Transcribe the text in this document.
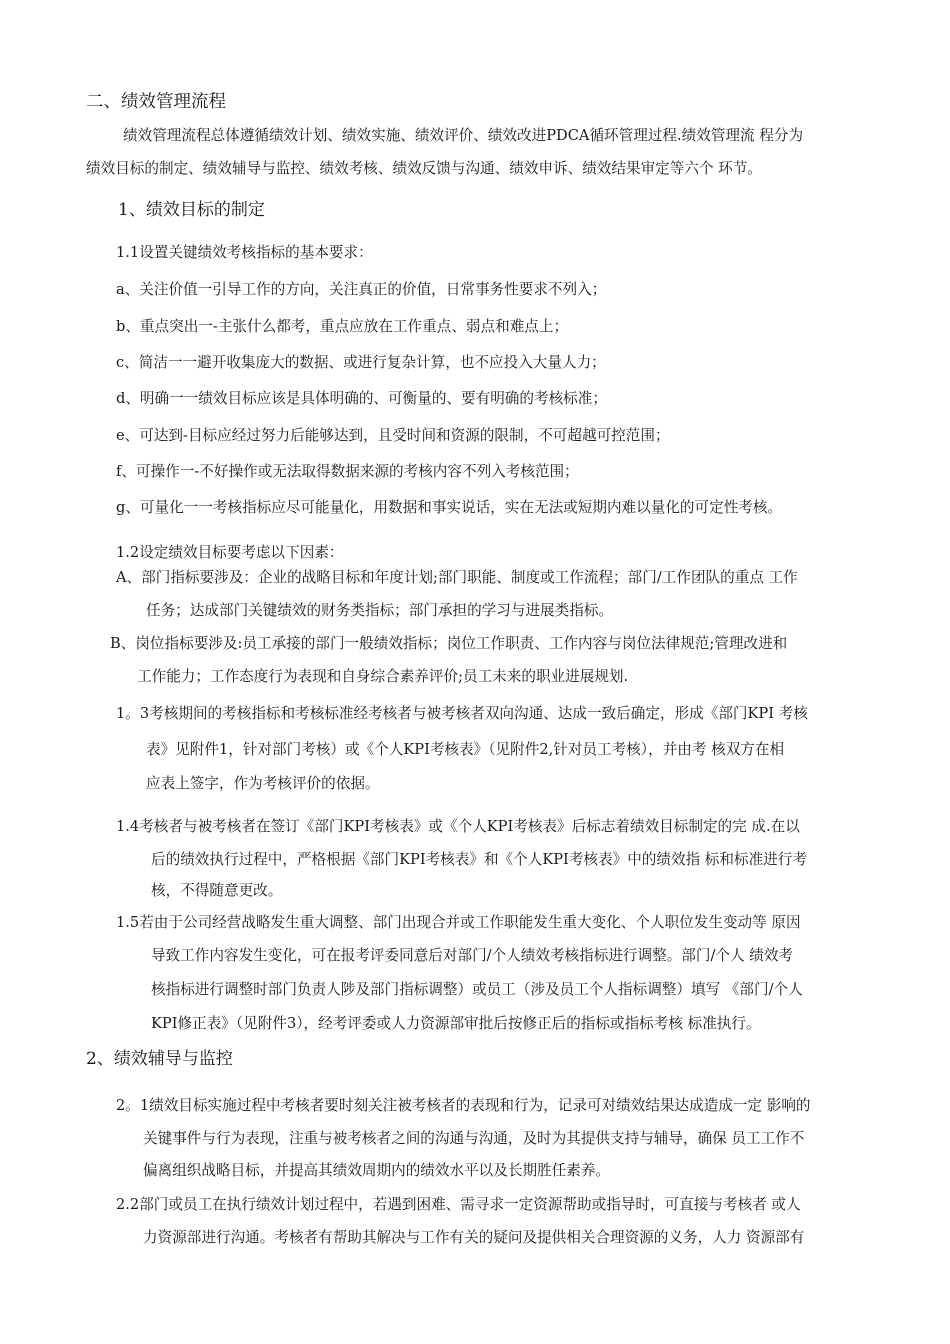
二、绩效管理流程
绩效管理流程总体遵循绩效计划、绩效实施、绩效评价、绩效改进PDCA循环管理过程.绩效管理流 程分为
绩效目标的制定、绩效辅导与监控、绩效考核、绩效反馈与沟通、绩效申诉、绩效结果审定等六个 环节。
1、绩效目标的制定
1.1设置关键绩效考核指标的基本要求：
a、关注价值一引导工作的方向，关注真正的价值，日常事务性要求不列入；
b、重点突出一-主张什么都考，重点应放在工作重点、弱点和难点上；
c、简洁一一避开收集庞大的数据、或进行复杂计算，也不应投入大量人力；
d、明确一一绩效目标应该是具体明确的、可衡量的、要有明确的考核标准；
e、可达到-目标应经过努力后能够达到，且受时间和资源的限制，不可超越可控范围；
f、可操作一-不好操作或无法取得数据来源的考核内容不列入考核范围；
g、可量化一一考核指标应尽可能量化，用数据和事实说话，实在无法或短期内难以量化的可定性考核。
1.2设定绩效目标要考虑以下因素：
A、部门指标要涉及：企业的战略目标和年度计划;部门职能、制度或工作流程；部门/工作团队的重点 工作
任务；达成部门关键绩效的财务类指标；部门承担的学习与进展类指标。
B、岗位指标要涉及:员工承接的部门一般绩效指标；岗位工作职责、工作内容与岗位法律规范;管理改进和
工作能力；工作态度行为表现和自身综合素养评价;员工未来的职业进展规划.
1。3考核期间的考核指标和考核标准经考核者与被考核者双向沟通、达成一致后确定，形成《部门KPI 考核
表》见附件1，针对部门考核）或《个人KPI考核表》（见附件2,针对员工考核），并由考 核双方在相
应表上签字，作为考核评价的依据。
1.4考核者与被考核者在签订《部门KPI考核表》或《个人KPI考核表》后标志着绩效目标制定的完 成.在以
后的绩效执行过程中，严格根据《部门KPI考核表》和《个人KPI考核表》中的绩效指 标和标准进行考
核，不得随意更改。
1.5若由于公司经营战略发生重大调整、部门出现合并或工作职能发生重大变化、个人职位发生变动等 原因
导致工作内容发生变化，可在报考评委同意后对部门/个人绩效考核指标进行调整。部门/个人 绩效考
核指标进行调整时部门负责人陟及部门指标调整）或员工（涉及员工个人指标调整）填写 《部门/个人
KPI修正表》（见附件3），经考评委或人力资源部审批后按修正后的指标或指标考核 标准执行。
2、绩效辅导与监控
2。1绩效目标实施过程中考核者要时刻关注被考核者的表现和行为，记录可对绩效结果达成造成一定 影响的
关键事件与行为表现，注重与被考核者之间的沟通与沟通，及时为其提供支持与辅导，确保 员工工作不
偏离组织战略目标，并提高其绩效周期内的绩效水平以及长期胜任素养。
2.2部门或员工在执行绩效计划过程中，若遇到困难、需寻求一定资源帮助或指导时，可直接与考核者 或人
力资源部进行沟通。考核者有帮助其解决与工作有关的疑问及提供相关合理资源的义务，人力 资源部有
